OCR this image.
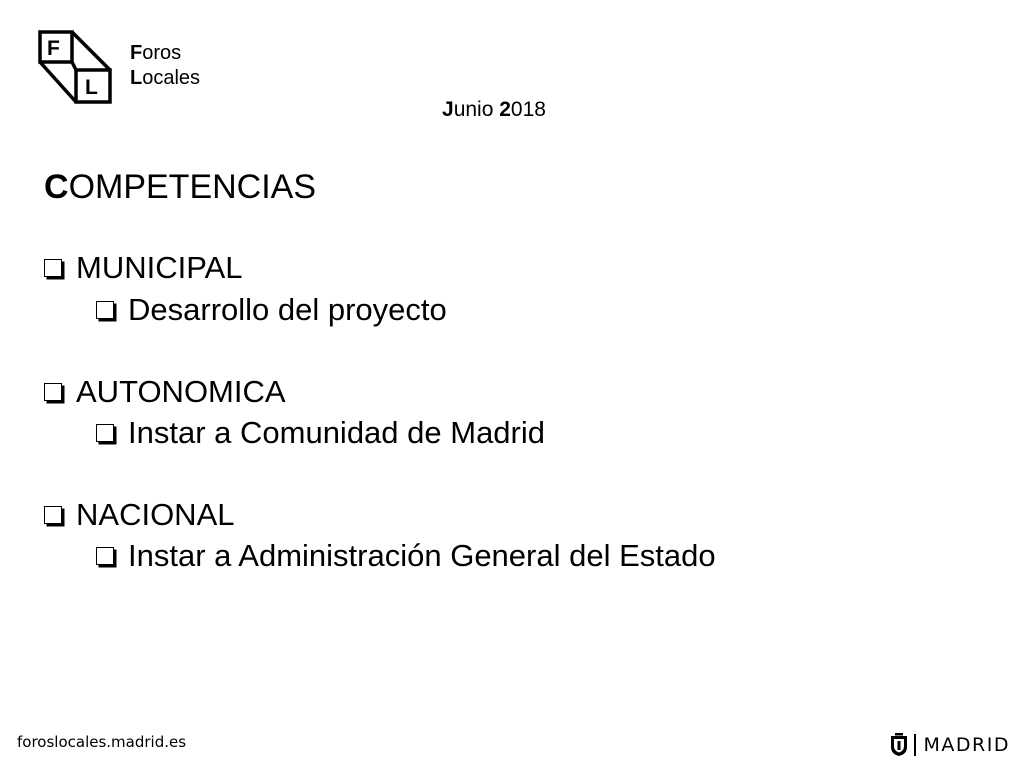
F
L
Foros
Locales
Junio 2018
COMPETENCIAS
MUNICIPAL
Desarrollo del proyecto
AUTONOMICA
Instar a Comunidad de Madrid
NACIONAL
Instar a Administración General del Estado
foroslocales.madrid.es	MADRID
